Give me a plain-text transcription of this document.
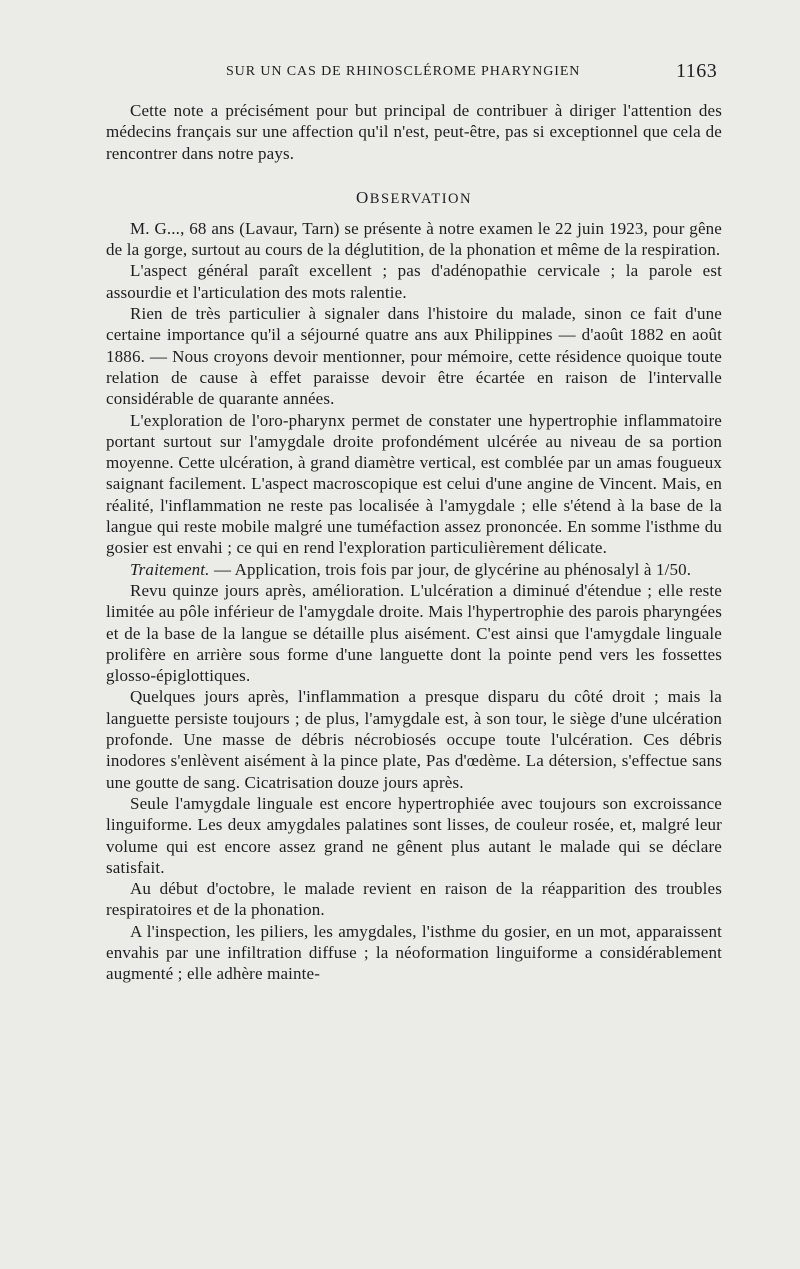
SUR UN CAS DE RHINOSCLÉROME PHARYNGIEN	1163

Cette note a précisément pour but principal de contribuer à diriger l'attention des médecins français sur une affection qu'il n'est, peut-être, pas si exceptionnel que cela de rencontrer dans notre pays.

OBSERVATION

M. G..., 68 ans (Lavaur, Tarn) se présente à notre examen le 22 juin 1923, pour gêne de la gorge, surtout au cours de la déglutition, de la phonation et même de la respiration.

L'aspect général paraît excellent ; pas d'adénopathie cervicale ; la parole est assourdie et l'articulation des mots ralentie.

Rien de très particulier à signaler dans l'histoire du malade, sinon ce fait d'une certaine importance qu'il a séjourné quatre ans aux Philippines — d'août 1882 en août 1886. — Nous croyons devoir mentionner, pour mémoire, cette résidence quoique toute relation de cause à effet paraisse devoir être écartée en raison de l'intervalle considérable de quarante années.

L'exploration de l'oro-pharynx permet de constater une hypertrophie inflammatoire portant surtout sur l'amygdale droite profondément ulcérée au niveau de sa portion moyenne. Cette ulcération, à grand diamètre vertical, est comblée par un amas fougueux saignant facilement. L'aspect macroscopique est celui d'une angine de Vincent. Mais, en réalité, l'inflammation ne reste pas localisée à l'amygdale ; elle s'étend à la base de la langue qui reste mobile malgré une tuméfaction assez prononcée. En somme l'isthme du gosier est envahi ; ce qui en rend l'exploration particulièrement délicate.

Traitement. — Application, trois fois par jour, de glycérine au phénosalyl à 1/50.

Revu quinze jours après, amélioration. L'ulcération a diminué d'étendue ; elle reste limitée au pôle inférieur de l'amygdale droite. Mais l'hypertrophie des parois pharyngées et de la base de la langue se détaille plus aisément. C'est ainsi que l'amygdale linguale prolifère en arrière sous forme d'une languette dont la pointe pend vers les fossettes glosso-épiglottiques.

Quelques jours après, l'inflammation a presque disparu du côté droit ; mais la languette persiste toujours ; de plus, l'amygdale est, à son tour, le siège d'une ulcération profonde. Une masse de débris nécrobiosés occupe toute l'ulcération. Ces débris inodores s'enlèvent aisément à la pince plate, Pas d'œdème. La détersion, s'effectue sans une goutte de sang. Cicatrisation douze jours après.

Seule l'amygdale linguale est encore hypertrophiée avec toujours son excroissance linguiforme. Les deux amygdales palatines sont lisses, de couleur rosée, et, malgré leur volume qui est encore assez grand ne gênent plus autant le malade qui se déclare satisfait.

Au début d'octobre, le malade revient en raison de la réapparition des troubles respiratoires et de la phonation.

A l'inspection, les piliers, les amygdales, l'isthme du gosier, en un mot, apparaissent envahis par une infiltration diffuse ; la néoformation linguiforme a considérablement augmenté ; elle adhère mainte-
